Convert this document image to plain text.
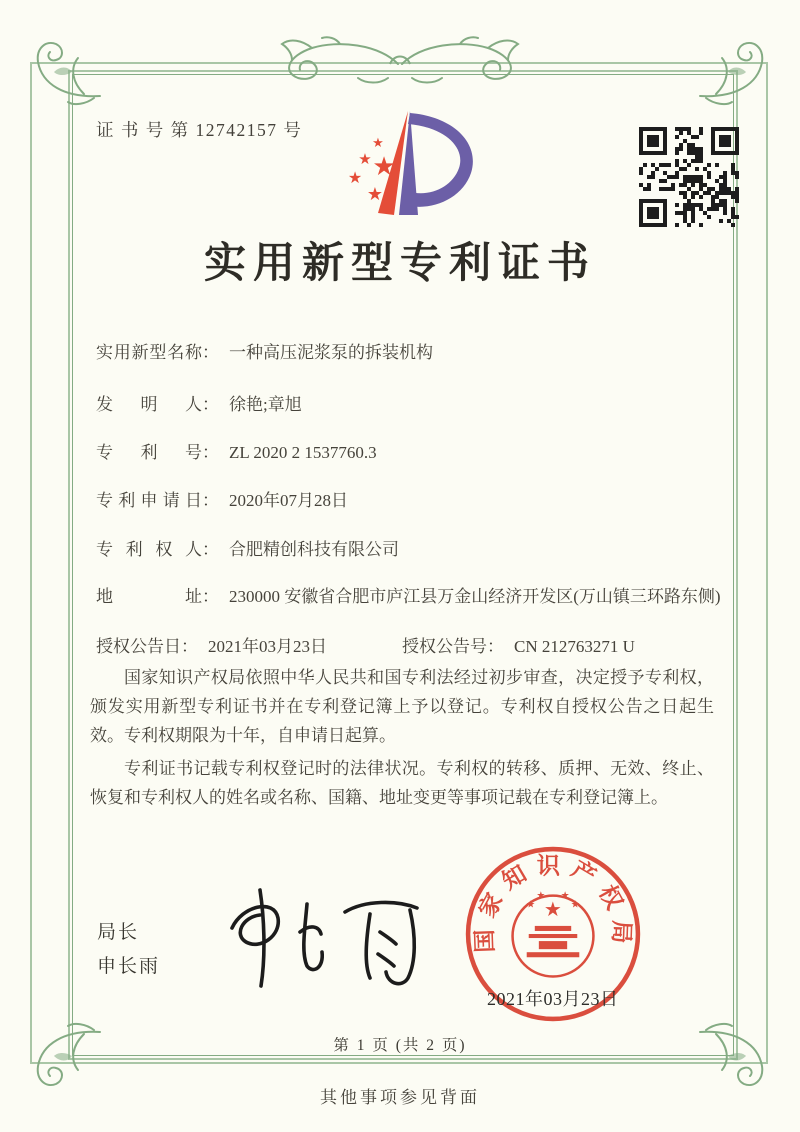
证 书 号 第 12742157 号
★
★
★ ★
★
实用新型专利证书
实用新型名称： 一种高压泥浆泵的拆装机构
发明人： 徐艳;章旭
专利号： ZL 2020 2 1537760.3
专利申请日： 2020年07月28日
专利权人： 合肥精创科技有限公司
地址： 230000 安徽省合肥市庐江县万金山经济开发区(万山镇三环路东侧)
授权公告日： 2021年03月23日	授权公告号： CN 212763271 U

国家知识产权局依照中华人民共和国专利法经过初步审查，决定授予专利权，颁发实用新型专利证书并在专利登记簿上予以登记。专利权自授权公告之日起生效。专利权期限为十年，自申请日起算。

专利证书记载专利权登记时的法律状况。专利权的转移、质押、无效、终止、恢复和专利权人的姓名或名称、国籍、地址变更等事项记载在专利登记簿上。

局长
申长雨
国家知识产权局
★
★
★ ★
★
2021年03月23日
第 1 页 (共 2 页)
其他事项参见背面
